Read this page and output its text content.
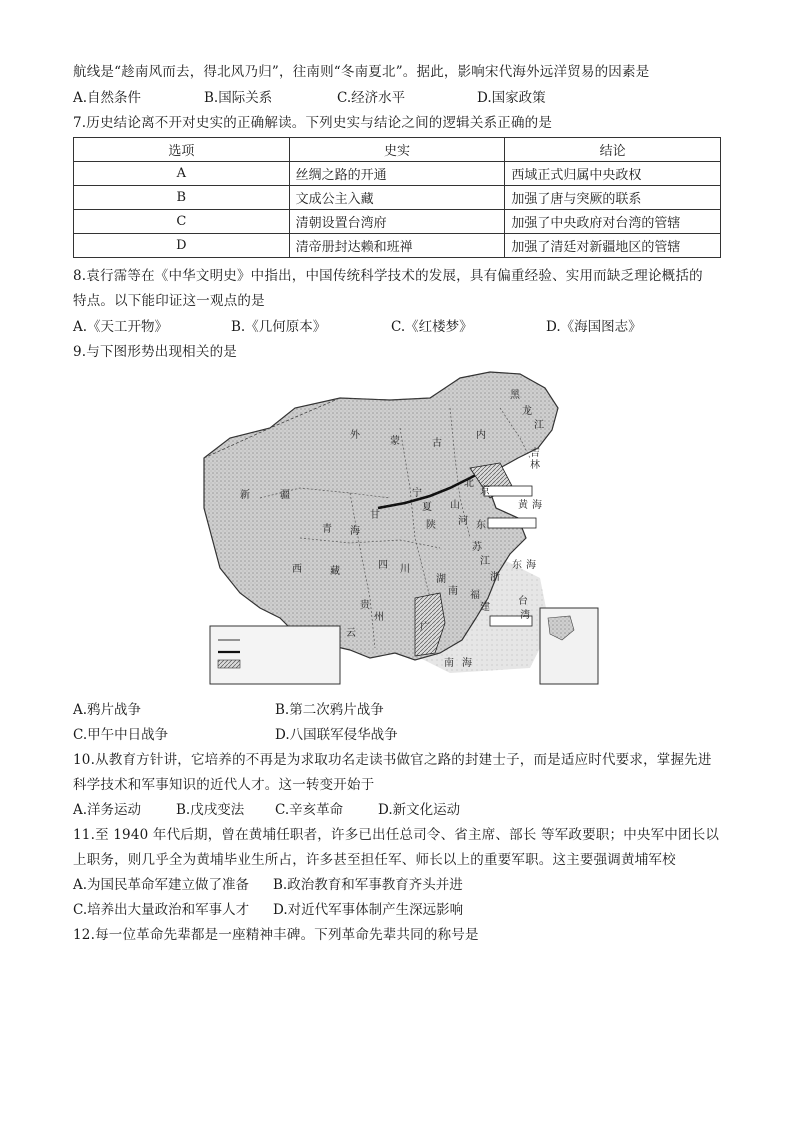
航线是“趁南风而去，得北风乃归”，往南则“冬南夏北”。据此，影响宋代海外远洋贸易的因素是
A.自然条件	B.国际关系	C.经济水平	D.国家政策
7.历史结论离不开对史实的正确解读。下列史实与结论之间的逻辑关系正确的是
选项	史实	结论
A	丝绸之路的开通	西域正式归属中央政权
B	文成公主入藏	加强了唐与突厥的联系
C	清朝设置台湾府	加强了中央政府对台湾的管辖
D	清帝册封达赖和班禅	加强了清廷对新疆地区的管辖
8.袁行霈等在《中华文明史》中指出，中国传统科学技术的发展，具有偏重经验、实用而缺乏理论概括的
特点。以下能印证这一观点的是
A.《天工开物》	B.《几何原本》	C.《红楼梦》	D.《海国图志》
9.与下图形势出现相关的是
黑
龙
江
吉
林
外
蒙	古
内
新	疆
甘
宁
夏
青 海
西	藏
四 川
陕
山
河
北
京
东
江
苏
浙
福
建
湖
南
贵
州
云
广
台
湾
东 海
南 海
黄 海
A.鸦片战争	B.第二次鸦片战争
C.甲午中日战争	D.八国联军侵华战争
10.从教育方针讲，它培养的不再是为求取功名走读书做官之路的封建士子，而是适应时代要求，掌握先进
科学技术和军事知识的近代人才。这一转变开始于
A.洋务运动	B.戊戌变法 C.辛亥革命	D.新文化运动
11.至 1940 年代后期，曾在黄埔任职者，许多已出任总司令、省主席、部长 等军政要职；中央军中团长以
上职务，则几乎全为黄埔毕业生所占，许多甚至担任军、师长以上的重要军职。这主要强调黄埔军校
A.为国民革命军建立做了准备 B.政治教育和军事教育齐头并进
C.培养出大量政治和军事人才 D.对近代军事体制产生深远影响
12.每一位革命先辈都是一座精神丰碑。下列革命先辈共同的称号是
